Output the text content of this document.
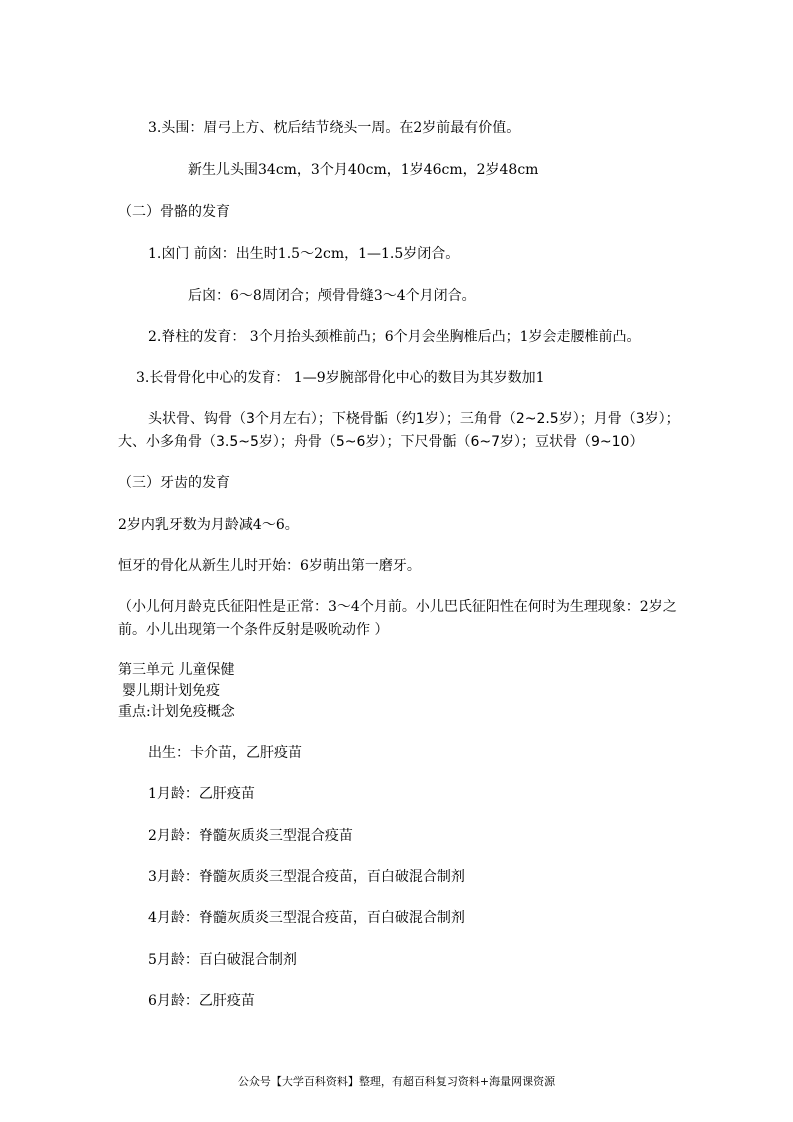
3.头围：眉弓上方、枕后结节绕头一周。在2岁前最有价值。
新生儿头围34cm，3个月40cm，1岁46cm，2岁48cm
（二）骨骼的发育
1.囟门 前囟：出生时1.5～2cm，1—1.5岁闭合。
后囟：6～8周闭合；颅骨骨缝3～4个月闭合。
2.脊柱的发育： 3个月抬头颈椎前凸；6个月会坐胸椎后凸；1岁会走腰椎前凸。
3.长骨骨化中心的发育： 1—9岁腕部骨化中心的数目为其岁数加1
头状骨、钩骨（3个月左右）；下桡骨骺（约1岁）；三角骨（2~2.5岁）；月骨（3岁）；
大、小多角骨（3.5~5岁）；舟骨（5~6岁）；下尺骨骺（6~7岁）；豆状骨（9~10）
（三）牙齿的发育
2岁内乳牙数为月龄减4～6。
恒牙的骨化从新生儿时开始：6岁萌出第一磨牙。
（小儿何月龄克氏征阳性是正常：3～4个月前。小儿巴氏征阳性在何时为生理现象：2岁之
前。小儿出现第一个条件反射是吸吮动作 ）
第三单元 儿童保健
婴儿期计划免疫
重点:计划免疫概念
出生：卡介苗，乙肝疫苗
1月龄：乙肝疫苗
2月龄：脊髓灰质炎三型混合疫苗
3月龄：脊髓灰质炎三型混合疫苗，百白破混合制剂
4月龄：脊髓灰质炎三型混合疫苗，百白破混合制剂
5月龄：百白破混合制剂
6月龄：乙肝疫苗
公众号【大学百科资料】整理，有超百科复习资料+海量网课资源
